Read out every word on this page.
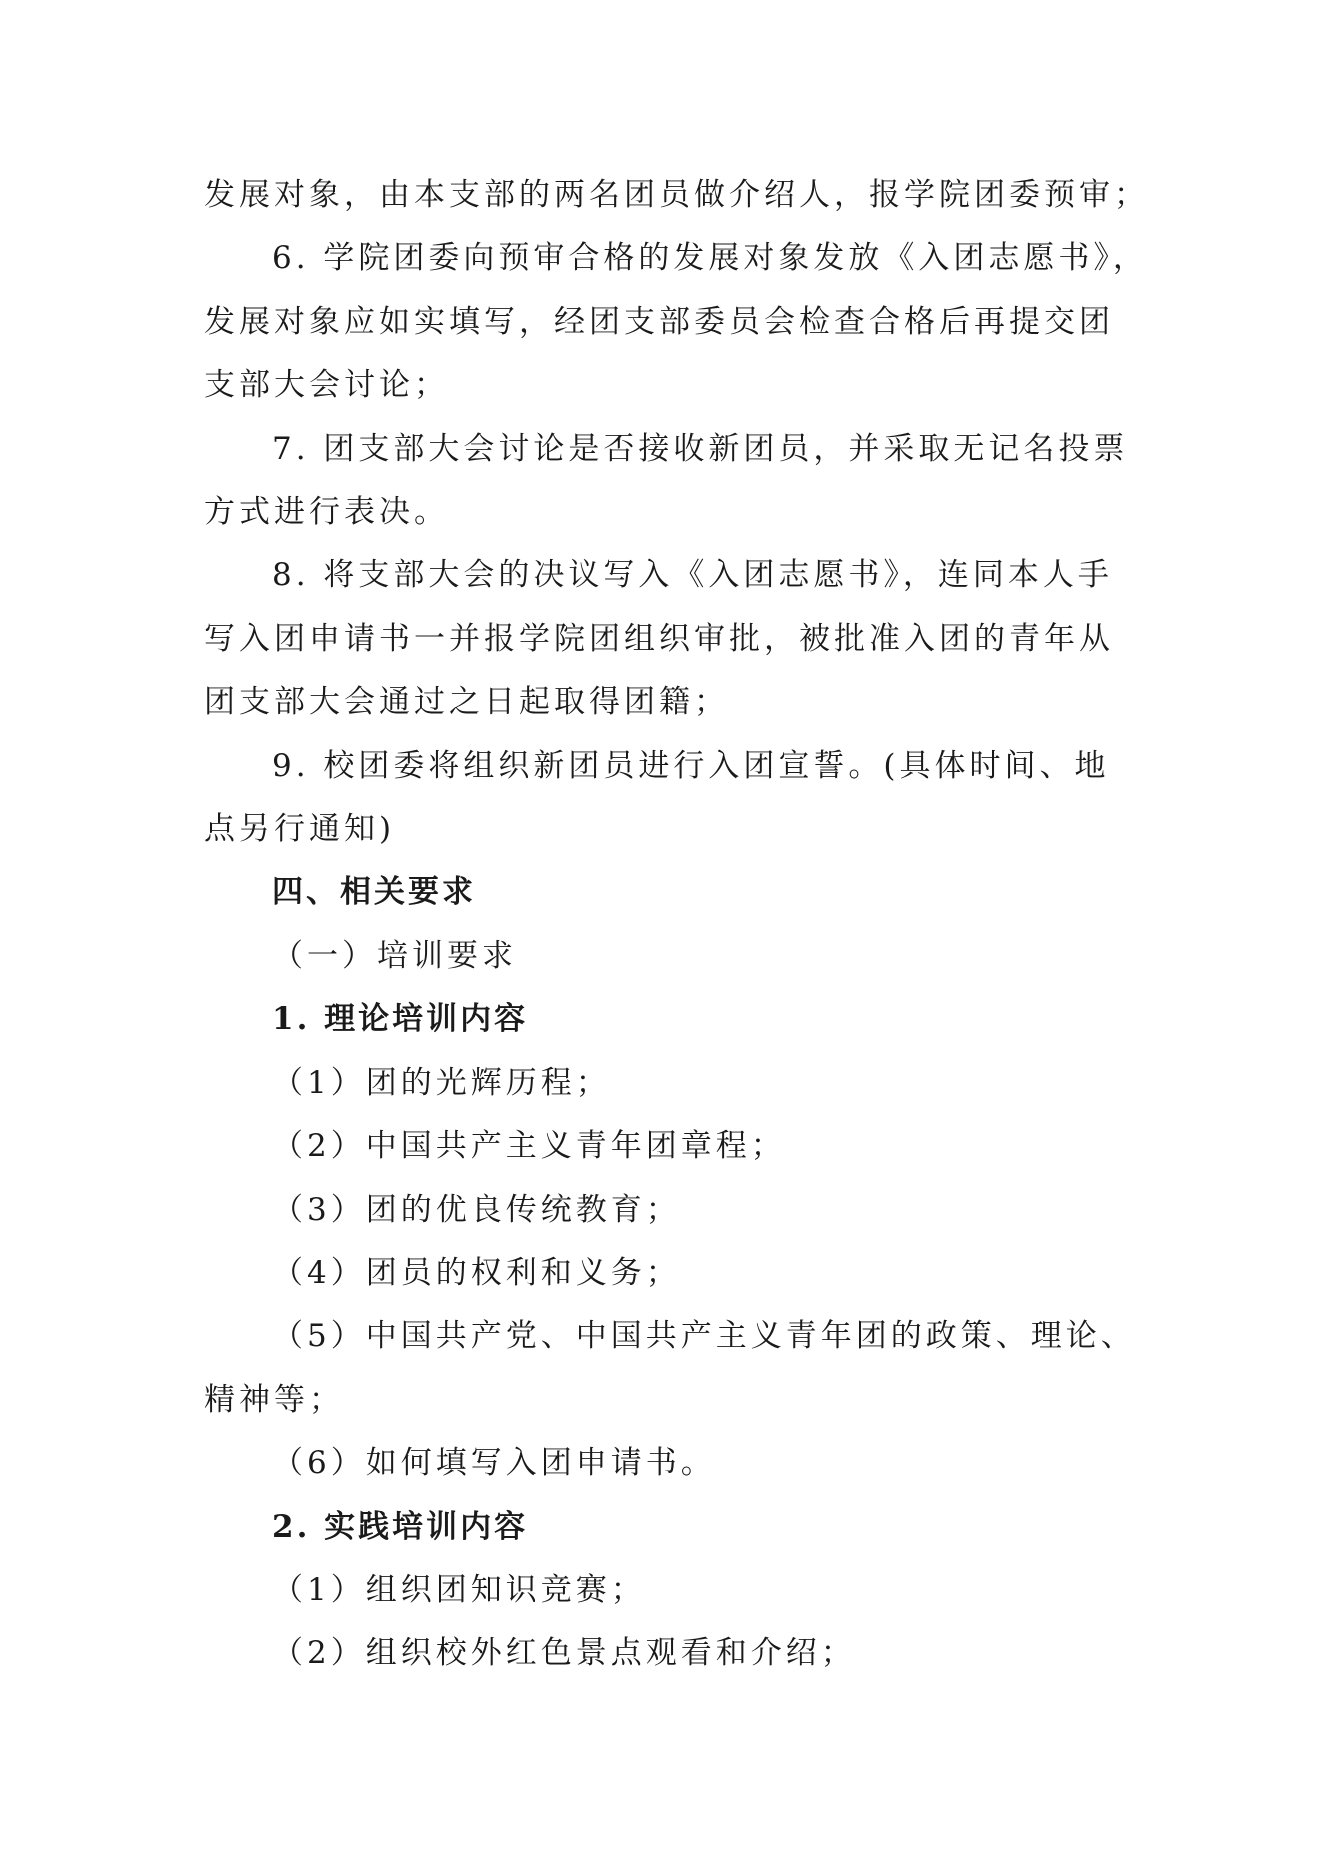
发展对象，由本支部的两名团员做介绍人，报学院团委预审；

6. 学院团委向预审合格的发展对象发放《入团志愿书》，

发展对象应如实填写，经团支部委员会检查合格后再提交团

支部大会讨论；

7. 团支部大会讨论是否接收新团员，并采取无记名投票

方式进行表决。

8. 将支部大会的决议写入《入团志愿书》，连同本人手

写入团申请书一并报学院团组织审批，被批准入团的青年从

团支部大会通过之日起取得团籍；

9. 校团委将组织新团员进行入团宣誓。(具体时间、地

点另行通知)

四、相关要求

（一）培训要求

1. 理论培训内容

（1）团的光辉历程；

（2）中国共产主义青年团章程；

（3）团的优良传统教育；

（4）团员的权利和义务；

（5）中国共产党、中国共产主义青年团的政策、理论、

精神等；

（6）如何填写入团申请书。

2. 实践培训内容

（1）组织团知识竞赛；

（2）组织校外红色景点观看和介绍；
